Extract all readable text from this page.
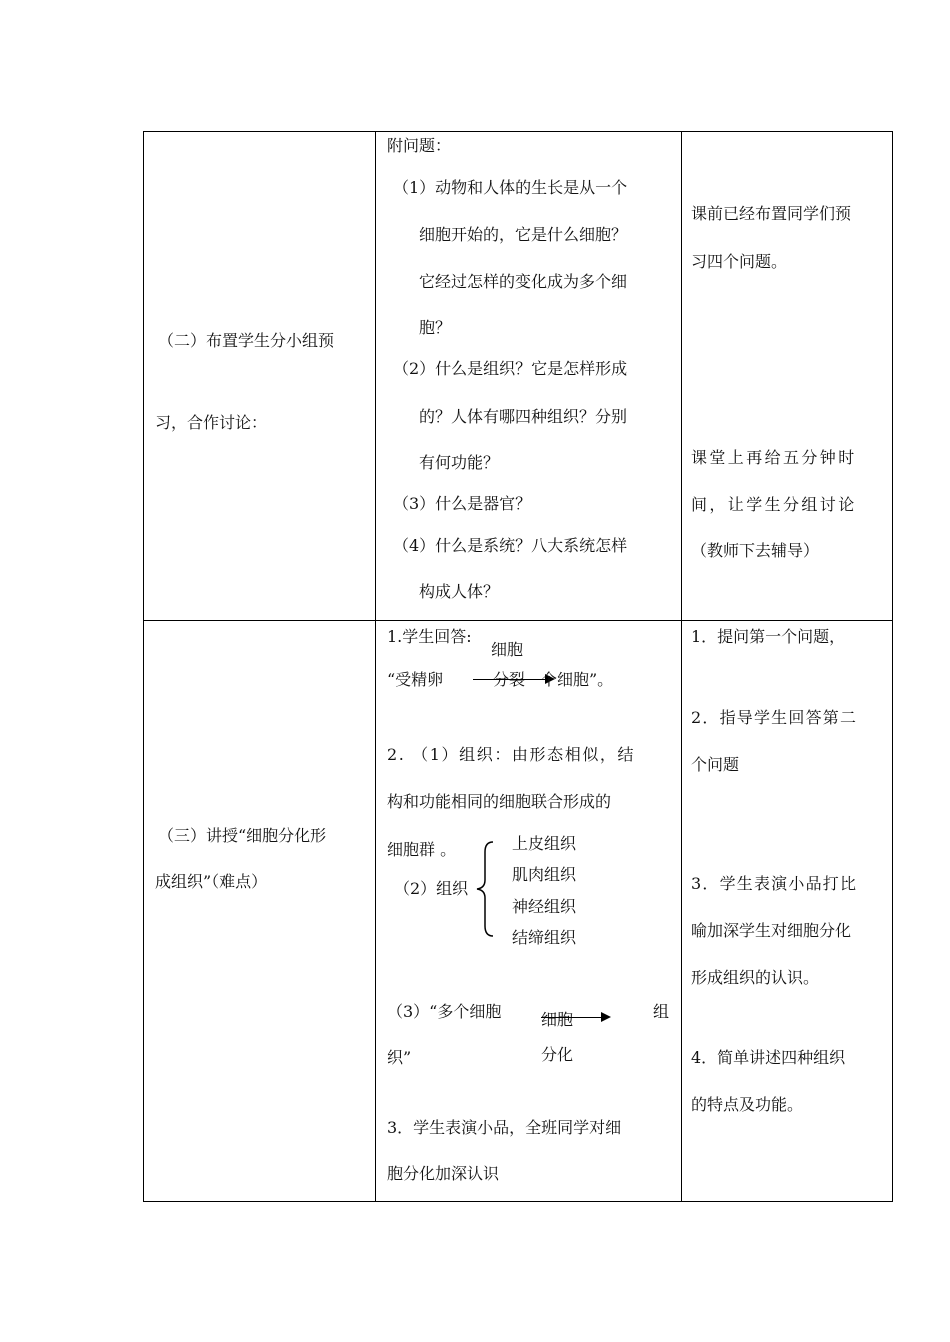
（二）布置学生分小组预
习，合作讨论：
附问题：
（1）动物和人体的生长是从一个
细胞开始的，它是什么细胞？
它经过怎样的变化成为多个细
胞？
（2）什么是组织？它是怎样形成
的？人体有哪四种组织？分别
有何功能？
（3）什么是器官？
（4）什么是系统？八大系统怎样
构成人体？
课前已经布置同学们预
习四个问题。
课堂上再给五分钟时
间，让学生分组讨论
（教师下去辅导）
（三）讲授“细胞分化形
成组织”（难点）
1.学生回答:
细胞
“受精卵	分裂 个细胞”。
2. （1）组织：由形态相似，结
构和功能相同的细胞联合形成的
细胞群 。
（2）组织
上皮组织
肌肉组织
神经组织
结缔组织
（3）“多个细胞 细胞	组
分化
织”
3．学生表演小品，全班同学对细
胞分化加深认识
1．提问第一个问题，
2．指导学生回答第二
个问题
3．学生表演小品打比
喻加深学生对细胞分化
形成组织的认识。
4．简单讲述四种组织
的特点及功能。
